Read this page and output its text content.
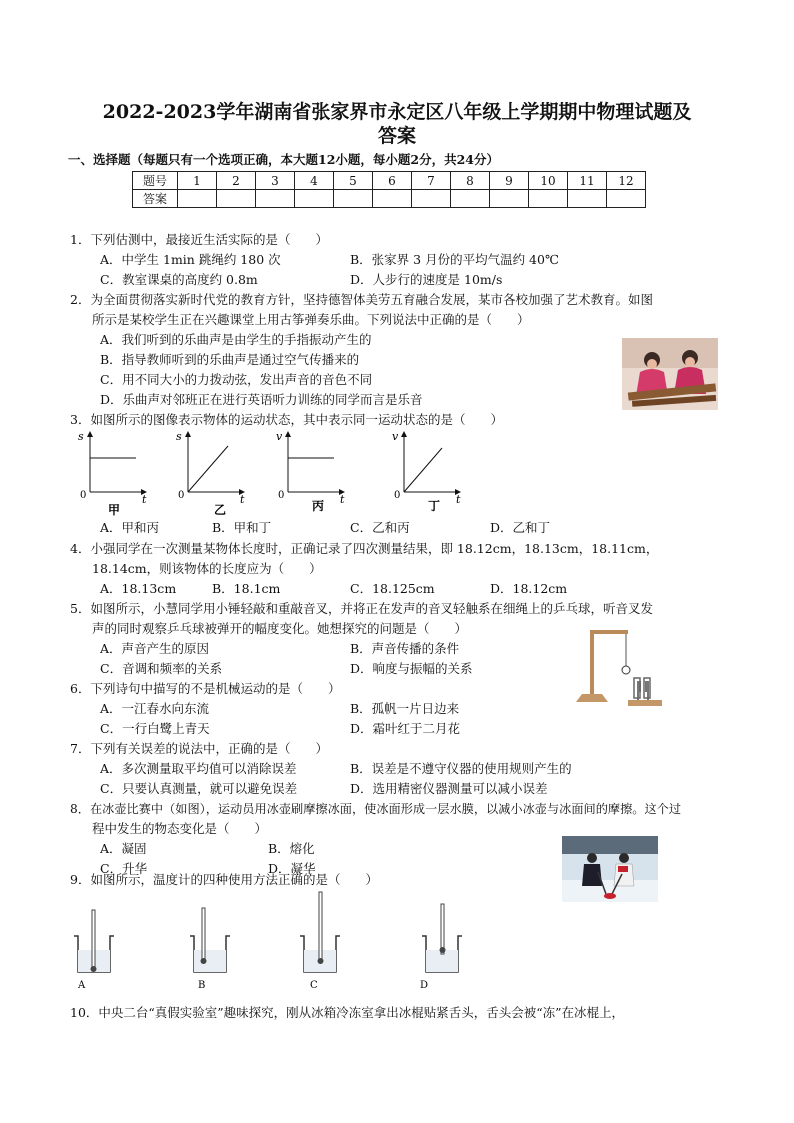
2022-2023学年湖南省张家界市永定区八年级上学期期中物理试题及
答案
一、选择题（每题只有一个选项正确，本大题12小题，每小题2分，共24分）
题号	1	2	3	4	5	6	7	8	9	10	11	12
答案												
1．下列估测中，最接近生活实际的是（　　）
A．中学生 1min 跳绳约 180 次	B．张家界 3 月份的平均气温约 40℃
C．教室课桌的高度约 0.8m	D．人步行的速度是 10m/s
2．为全面贯彻落实新时代党的教育方针，坚持德智体美劳五育融合发展，某市各校加强了艺术教育。如图
所示是某校学生正在兴趣课堂上用古筝弹奏乐曲。下列说法中正确的是（　　）
A．我们听到的乐曲声是由学生的手指振动产生的
B．指导教师听到的乐曲声是通过空气传播来的
C．用不同大小的力拨动弦，发出声音的音色不同
D．乐曲声对邻班正在进行英语听力训练的同学而言是乐音
3．如图所示的图像表示物体的运动状态，其中表示同一运动状态的是（　　）
s
t
0
甲
s
t
0
乙
v
t
0
丙
v
t
0
丁
A．甲和丙	B．甲和丁	C．乙和丙	D．乙和丁
4．小强同学在一次测量某物体长度时，正确记录了四次测量结果，即 18.12cm，18.13cm，18.11cm，
18.14cm，则该物体的长度应为（　　）
A．18.13cm	B．18.1cm	C．18.125cm	D．18.12cm
5．如图所示，小慧同学用小锤轻敲和重敲音叉，并将正在发声的音叉轻触系在细绳上的乒乓球，听音叉发
声的同时观察乒乓球被弹开的幅度变化。她想探究的问题是（　　）
A．声音产生的原因	B．声音传播的条件
C．音调和频率的关系	D．响度与振幅的关系
6．下列诗句中描写的不是机械运动的是（　　）
A．一江春水向东流	B．孤帆一片日边来
C．一行白鹭上青天	D．霜叶红于二月花
7．下列有关误差的说法中，正确的是（　　）
A．多次测量取平均值可以消除误差	B．误差是不遵守仪器的使用规则产生的
C．只要认真测量，就可以避免误差	D．选用精密仪器测量可以减小误差
8．在冰壶比赛中（如图），运动员用冰壶刷摩擦冰面，使冰面形成一层水膜，以减小冰壶与冰面间的摩擦。这个过
程中发生的物态变化是（　　）
A．凝固	B．熔化
C．升华	D．凝华
9．如图所示，温度计的四种使用方法正确的是（　　）
A	B	C	D
10．中央二台“真假实验室”趣味探究，刚从冰箱冷冻室拿出冰棍贴紧舌头，舌头会被“冻”在冰棍上，
